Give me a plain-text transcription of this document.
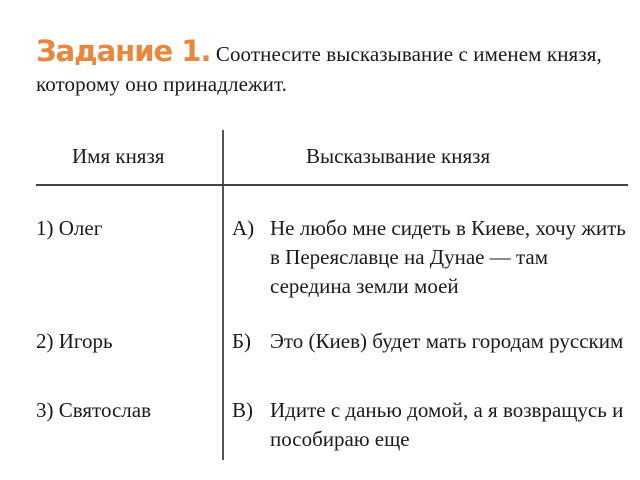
Задание 1. Соотнесите высказывание с именем князя, которому оно принадлежит.
Имя князя	Высказывание князя
1) Олег
2) Игорь
3) Святослав
А) Не любо мне сидеть в Киеве, хочу жить в Переяславце на Дунае — там середина земли моей
Б) Это (Киев) будет мать городам русским
В) Идите с данью домой, а я возвращусь и пособираю еще
